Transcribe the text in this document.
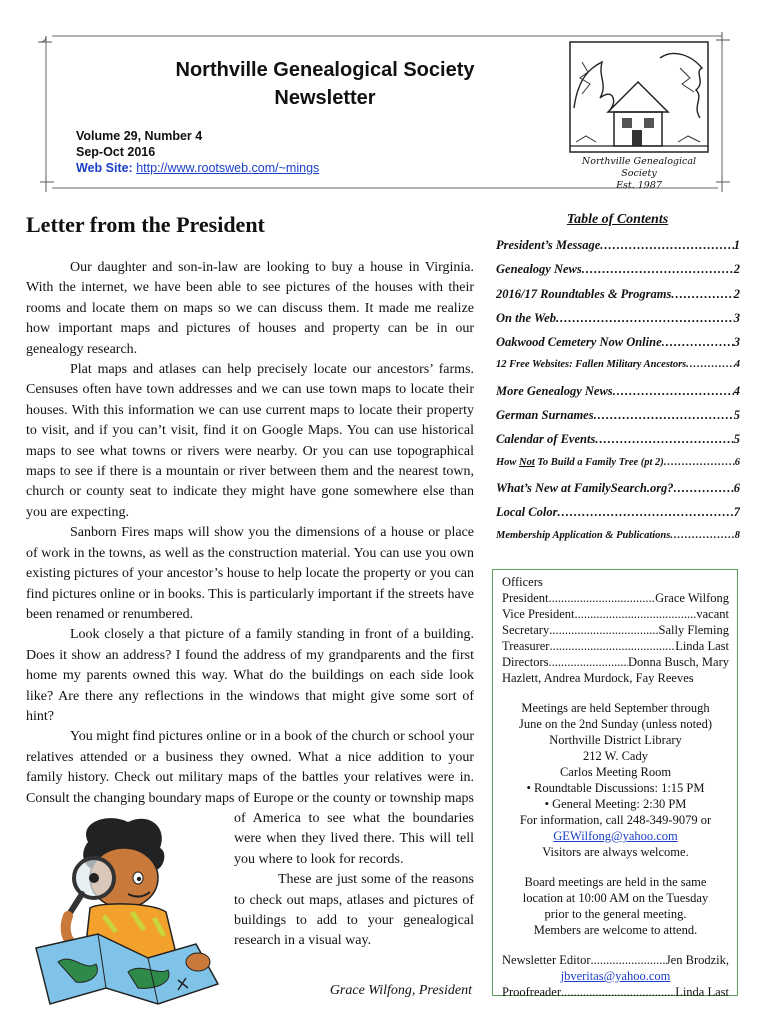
Northville Genealogical Society
Newsletter
Volume 29, Number 4
Sep-Oct 2016
Web Site: http://www.rootsweb.com/~mings	Northville Genealogical Society
Est. 1987
Letter from the President

Our daughter and son-in-law are looking to buy a house in Virginia. With the internet, we have been able to see pictures of the houses with their rooms and locate them on maps so we can discuss them. It made me realize how important maps and pictures of houses and property can be in our genealogy research.

Plat maps and atlases can help precisely locate our ancestors’ farms. Censuses often have town addresses and we can use town maps to locate their houses. With this information we can use current maps to locate their property to visit, and if you can’t visit, find it on Google Maps. You can use historical maps to see what towns or rivers were nearby. Or you can use topographical maps to see if there is a mountain or river between them and the nearest town, church or county seat to indicate they might have gone somewhere else than you are expecting.

Sanborn Fires maps will show you the dimensions of a house or place of work in the towns, as well as the construction material. You can use you own existing pictures of your ancestor’s house to help locate the property or you can find pictures online or in books. This is particularly important if the streets have been renamed or renumbered.

Look closely a that picture of a family standing in front of a building. Does it show an address? I found the address of my grandparents and the first home my parents owned this way. What do the buildings on each side look like? Are there any reflections in the windows that might give some sort of hint?

You might find pictures online or in a book of the church or school your relatives attended or a business they owned. What a nice addition to your family history. Check out military maps of the battles your relatives were in. Consult the changing boundary maps of Europe or the county or township maps of America to see what the boundaries were when they lived there. This will tell you where to look for records.

These are just some of the reasons to check out maps, atlases and pictures of buildings to add to your genealogical research in a visual way.

Grace Wilfong, President
Table of Contents
President’s Message .....	1
Genealogy News .....	2
2016/17 Roundtables & Programs .....	2
On the Web .....	3
Oakwood Cemetery Now Online .....	3
12 Free Websites: Fallen Military Ancestors .....	4
More Genealogy News .....	4
German Surnames .....	5
Calendar of Events .....	5
How Not To Build a Family Tree (pt 2) .....	6
What’s New at FamilySearch.org? .....	6
Local Color .....	7
Membership Application & Publications .....	8
Officers
President .....	Grace Wilfong
Vice President .....	vacant
Secretary .....	Sally Fleming
Treasurer .....	Linda Last
Directors .....	Donna Busch, Mary
Hazlett, Andrea Murdock, Fay Reeves
Meetings are held September through
June on the 2nd Sunday (unless noted)
Northville District Library
212 W. Cady
Carlos Meeting Room
• Roundtable Discussions: 1:15 PM
• General Meeting: 2:30 PM
For information, call 248-349-9079 or
GEWilfong@yahoo.com
Visitors are always welcome.
Board meetings are held in the same
location at 10:00 AM on the Tuesday
prior to the general meeting.
Members are welcome to attend.
Newsletter Editor .....	Jen Brodzik,
jbveritas@yahoo.com
Proofreader .....	Linda Last
